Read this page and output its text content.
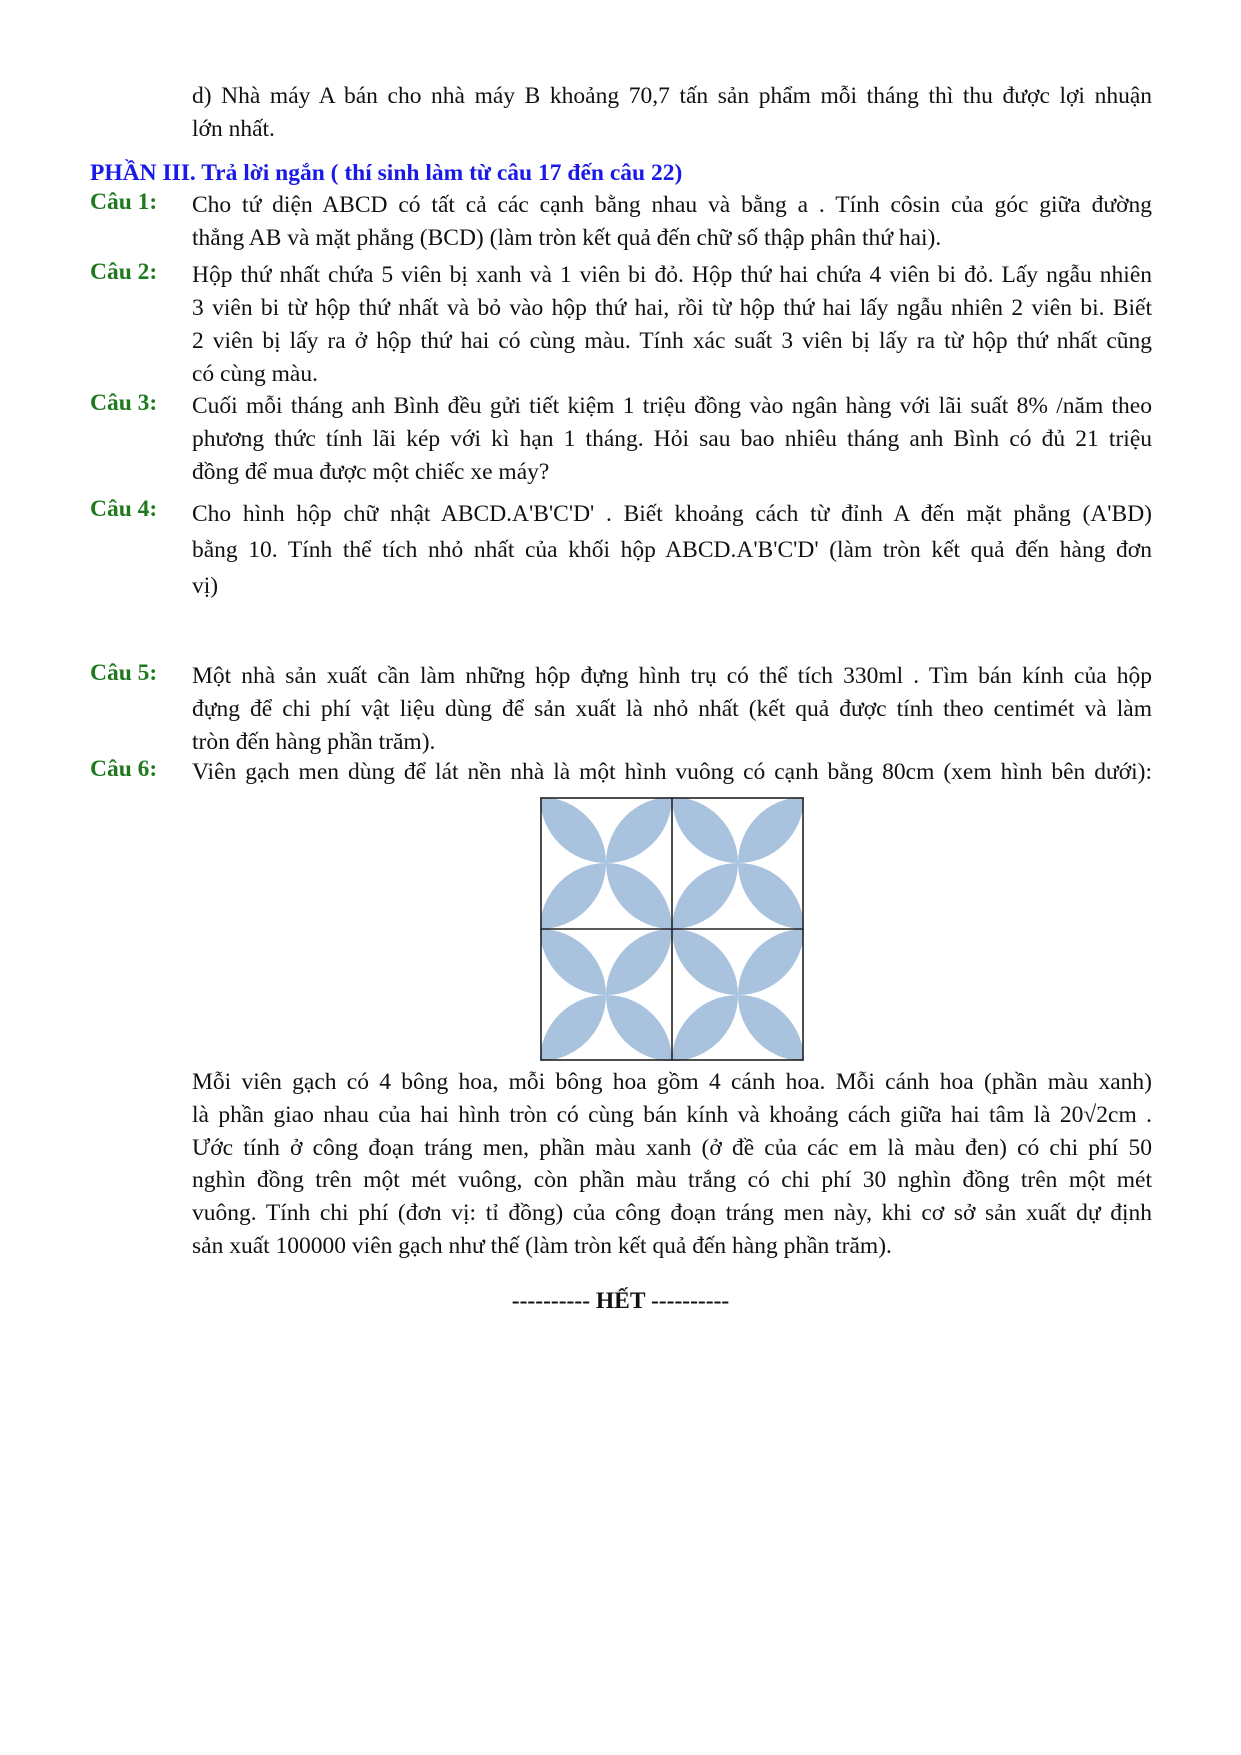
d) Nhà máy A bán cho nhà máy B khoảng 70,7 tấn sản phẩm mỗi tháng thì thu được lợi nhuận
lớn nhất.
PHẦN III. Trả lời ngắn ( thí sinh làm từ câu 17 đến câu 22)
Câu 1: Cho tứ diện ABCD có tất cả các cạnh bằng nhau và bằng a . Tính côsin của góc giữa đường
thẳng AB và mặt phẳng (BCD) (làm tròn kết quả đến chữ số thập phân thứ hai).
Câu 2: Hộp thứ nhất chứa 5 viên bị xanh và 1 viên bi đỏ. Hộp thứ hai chứa 4 viên bi đỏ. Lấy ngẫu nhiên
3 viên bi từ hộp thứ nhất và bỏ vào hộp thứ hai, rồi từ hộp thứ hai lấy ngẫu nhiên 2 viên bi. Biết
2 viên bị lấy ra ở hộp thứ hai có cùng màu. Tính xác suất 3 viên bị lấy ra từ hộp thứ nhất cũng
có cùng màu.
Câu 3: Cuối mỗi tháng anh Bình đều gửi tiết kiệm 1 triệu đồng vào ngân hàng với lãi suất 8% /năm theo
phương thức tính lãi kép với kì hạn 1 tháng. Hỏi sau bao nhiêu tháng anh Bình có đủ 21 triệu
đồng để mua được một chiếc xe máy?
Câu 4: Cho hình hộp chữ nhật ABCD.A'B'C'D' . Biết khoảng cách từ đỉnh A đến mặt phẳng (A'BD)
bằng 10. Tính thể tích nhỏ nhất của khối hộp ABCD.A'B'C'D' (làm tròn kết quả đến hàng đơn
vị)
Câu 5: Một nhà sản xuất cần làm những hộp đựng hình trụ có thể tích 330ml . Tìm bán kính của hộp
đựng để chi phí vật liệu dùng để sản xuất là nhỏ nhất (kết quả được tính theo centimét và làm
tròn đến hàng phần trăm).
Câu 6: Viên gạch men dùng để lát nền nhà là một hình vuông có cạnh bằng 80cm (xem hình bên dưới):
Mỗi viên gạch có 4 bông hoa, mỗi bông hoa gồm 4 cánh hoa. Mỗi cánh hoa (phần màu xanh)
là phần giao nhau của hai hình tròn có cùng bán kính và khoảng cách giữa hai tâm là 20√2cm .
Ước tính ở công đoạn tráng men, phần màu xanh (ở đề của các em là màu đen) có chi phí 50
nghìn đồng trên một mét vuông, còn phần màu trắng có chi phí 30 nghìn đồng trên một mét
vuông. Tính chi phí (đơn vị: tỉ đồng) của công đoạn tráng men này, khi cơ sở sản xuất dự định
sản xuất 100000 viên gạch như thế (làm tròn kết quả đến hàng phần trăm).
---------- HẾT ----------
